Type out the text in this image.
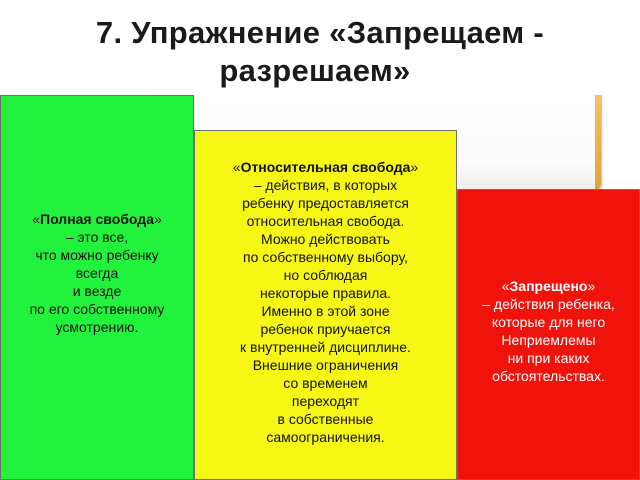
7. Упражнение «Запрещаем -
разрешаем»
«Полная свобода»
– это все,
что можно ребенку
всегда
и везде
по его собственному
усмотрению.
«Относительная свобода»
– действия, в которых
ребенку предоставляется
относительная свобода.
Можно действовать
по собственному выбору,
но соблюдая
некоторые правила.
Именно в этой зоне
ребенок приучается
к внутренней дисциплине.
Внешние ограничения
со временем
переходят
в собственные
самоограничения.
«Запрещено»
– действия ребенка,
которые для него
Неприемлемы
ни при каких
обстоятельствах.
